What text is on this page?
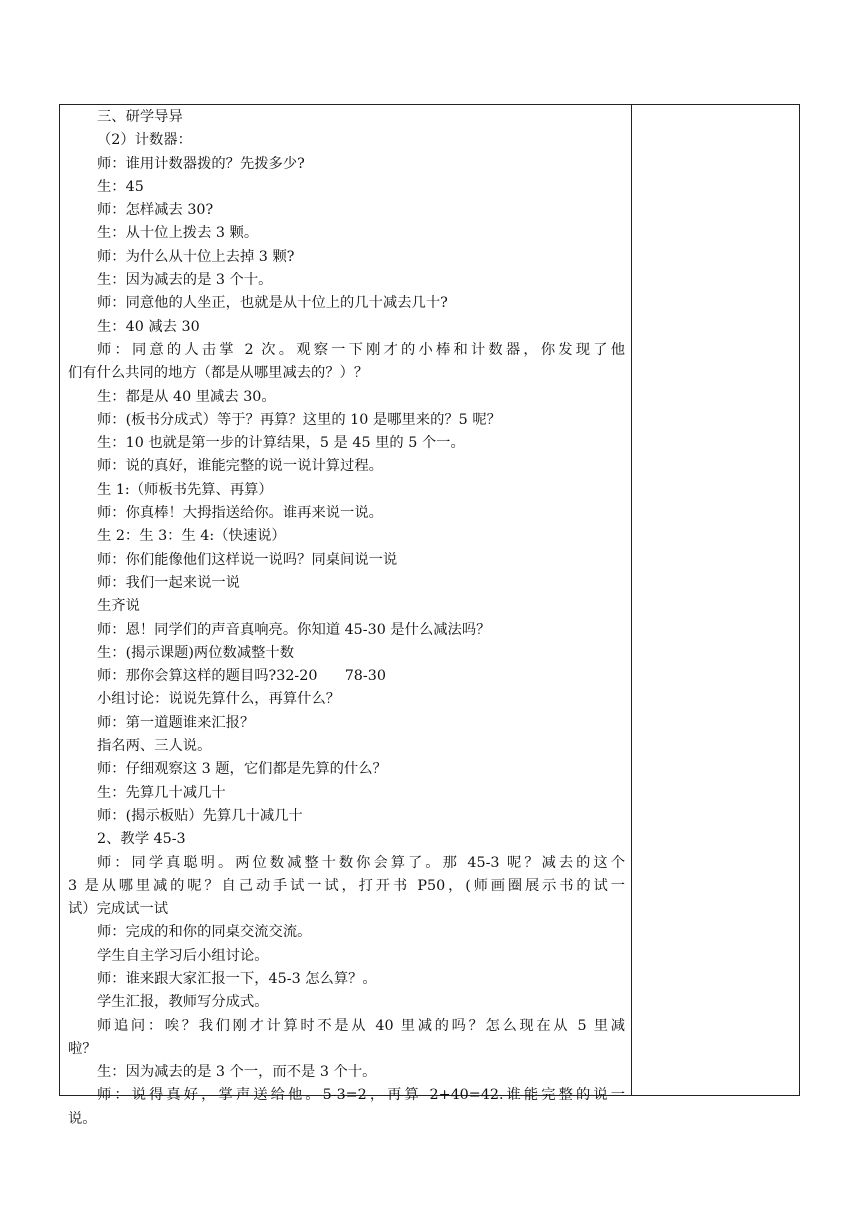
三、研学导异
（2）计数器：
师：谁用计数器拨的？先拨多少?
生：45
师：怎样减去 30?
生：从十位上拨去 3 颗。
师：为什么从十位上去掉 3 颗?
生：因为减去的是 3 个十。
师：同意他的人坐正，也就是从十位上的几十减去几十?
生：40 减去 30
师：同意的人击掌 2 次。观察一下刚才的小棒和计数器，你发现了他
们有什么共同的地方（都是从哪里减去的？）？
生：都是从 40 里减去 30。
师：(板书分成式）等于？再算？这里的 10 是哪里来的？5 呢？
生：10 也就是第一步的计算结果，5 是 45 里的 5 个一。
师：说的真好，谁能完整的说一说计算过程。
生 1:（师板书先算、再算）
师：你真棒！大拇指送给你。谁再来说一说。
生 2：生 3：生 4:（快速说）
师：你们能像他们这样说一说吗？同桌间说一说
师：我们一起来说一说
生齐说
师：恩！同学们的声音真响亮。你知道 45-30 是什么减法吗？
生：(揭示课题)两位数减整十数
师：那你会算这样的题目吗?32-20      78-30
小组讨论：说说先算什么，再算什么？
师：第一道题谁来汇报？
指名两、三人说。
师：仔细观察这 3 题，它们都是先算的什么？
生：先算几十减几十
师：(揭示板贴）先算几十减几十
2、教学 45-3
师：同学真聪明。两位数减整十数你会算了。那 45-3 呢？减去的这个
3 是从哪里减的呢？自己动手试一试，打开书 P50，(师画圈展示书的试一
试）完成试一试
师：完成的和你的同桌交流交流。
学生自主学习后小组讨论。
师：谁来跟大家汇报一下，45-3 怎么算？。
学生汇报，教师写分成式。
师追问：唉？我们刚才计算时不是从 40 里减的吗？怎么现在从 5 里减
啦？
生：因为减去的是 3 个一，而不是 3 个十。
师：说得真好，掌声送给他。5-3=2，再算 2+40=42.谁能完整的说一
说。
